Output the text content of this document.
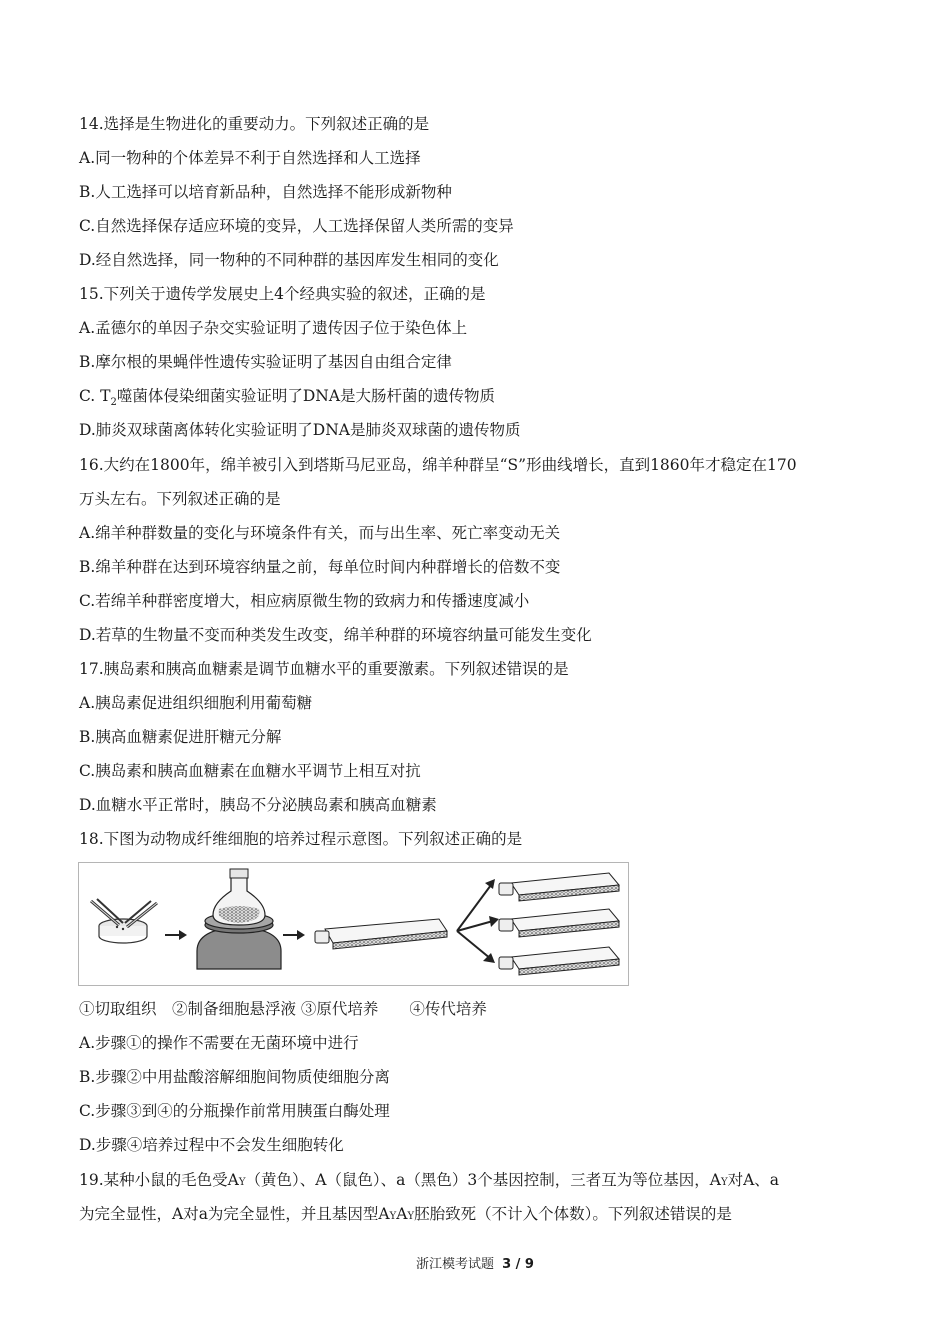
14.选择是生物进化的重要动力。下列叙述正确的是
A.同一物种的个体差异不利于自然选择和人工选择
B.人工选择可以培育新品种，自然选择不能形成新物种
C.自然选择保存适应环境的变异，人工选择保留人类所需的变异
D.经自然选择，同一物种的不同种群的基因库发生相同的变化
15.下列关于遗传学发展史上4个经典实验的叙述，正确的是
A.孟德尔的单因子杂交实验证明了遗传因子位于染色体上
B.摩尔根的果蝇伴性遗传实验证明了基因自由组合定律
C. $T_2$噬菌体侵染细菌实验证明了DNA是大肠杆菌的遗传物质
D.肺炎双球菌离体转化实验证明了DNA是肺炎双球菌的遗传物质
16.大约在1800年，绵羊被引入到塔斯马尼亚岛，绵羊种群呈“S”形曲线增长，直到1860年才稳定在170
万头左右。下列叙述正确的是
A.绵羊种群数量的变化与环境条件有关，而与出生率、死亡率变动无关
B.绵羊种群在达到环境容纳量之前，每单位时间内种群增长的倍数不变
C.若绵羊种群密度增大，相应病原微生物的致病力和传播速度减小
D.若草的生物量不变而种类发生改变，绵羊种群的环境容纳量可能发生变化
17.胰岛素和胰高血糖素是调节血糖水平的重要激素。下列叙述错误的是
A.胰岛素促进组织细胞利用葡萄糖
B.胰高血糖素促进肝糖元分解
C.胰岛素和胰高血糖素在血糖水平调节上相互对抗
D.血糖水平正常时，胰岛不分泌胰岛素和胰高血糖素
18.下图为动物成纤维细胞的培养过程示意图。下列叙述正确的是
①切取组织　②制备细胞悬浮液 ③原代培养　　④传代培养
A.步骤①的操作不需要在无菌环境中进行
B.步骤②中用盐酸溶解细胞间物质使细胞分离
C.步骤③到④的分瓶操作前常用胰蛋白酶处理
D.步骤④培养过程中不会发生细胞转化
19.某种小鼠的毛色受AY（黄色）、A（鼠色）、a（黑色）3个基因控制，三者互为等位基因，AY对A、a
为完全显性，A对a为完全显性，并且基因型AYAY胚胎致死（不计入个体数）。下列叙述错误的是
浙江模考试题 3 / 9
